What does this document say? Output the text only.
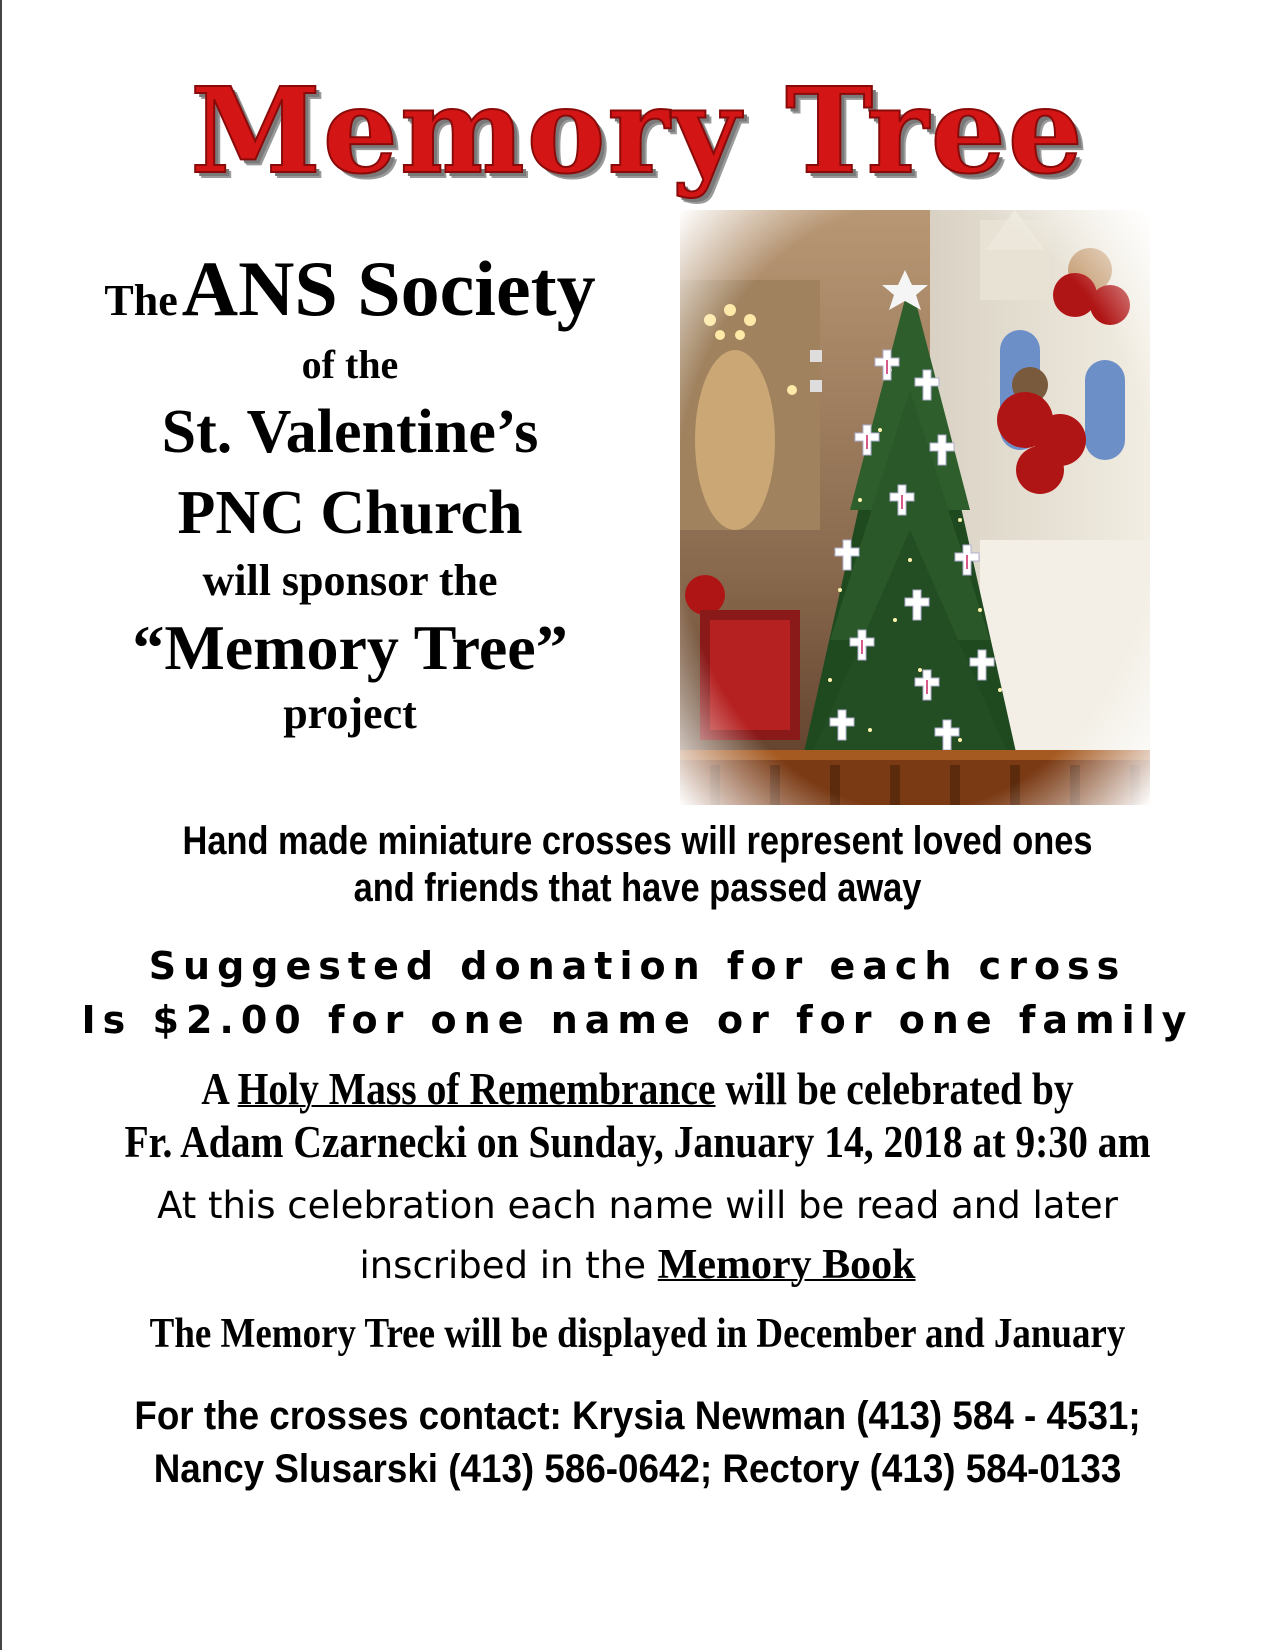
Memory Tree

The ANS Society

of the

St. Valentine’s

PNC Church

will sponsor the

“Memory Tree”

project

Hand made miniature crosses will represent loved ones

and friends that have passed away

Suggested donation for each cross

Is $2.00 for one name or for one family

A Holy Mass of Remembrance will be celebrated by

Fr. Adam Czarnecki on Sunday, January 14, 2018 at 9:30 am

At this celebration each name will be read and later

inscribed in the Memory Book

The Memory Tree will be displayed in December and January

For the crosses contact: Krysia Newman (413) 584 - 4531;

Nancy Slusarski (413) 586-0642; Rectory (413) 584-0133
